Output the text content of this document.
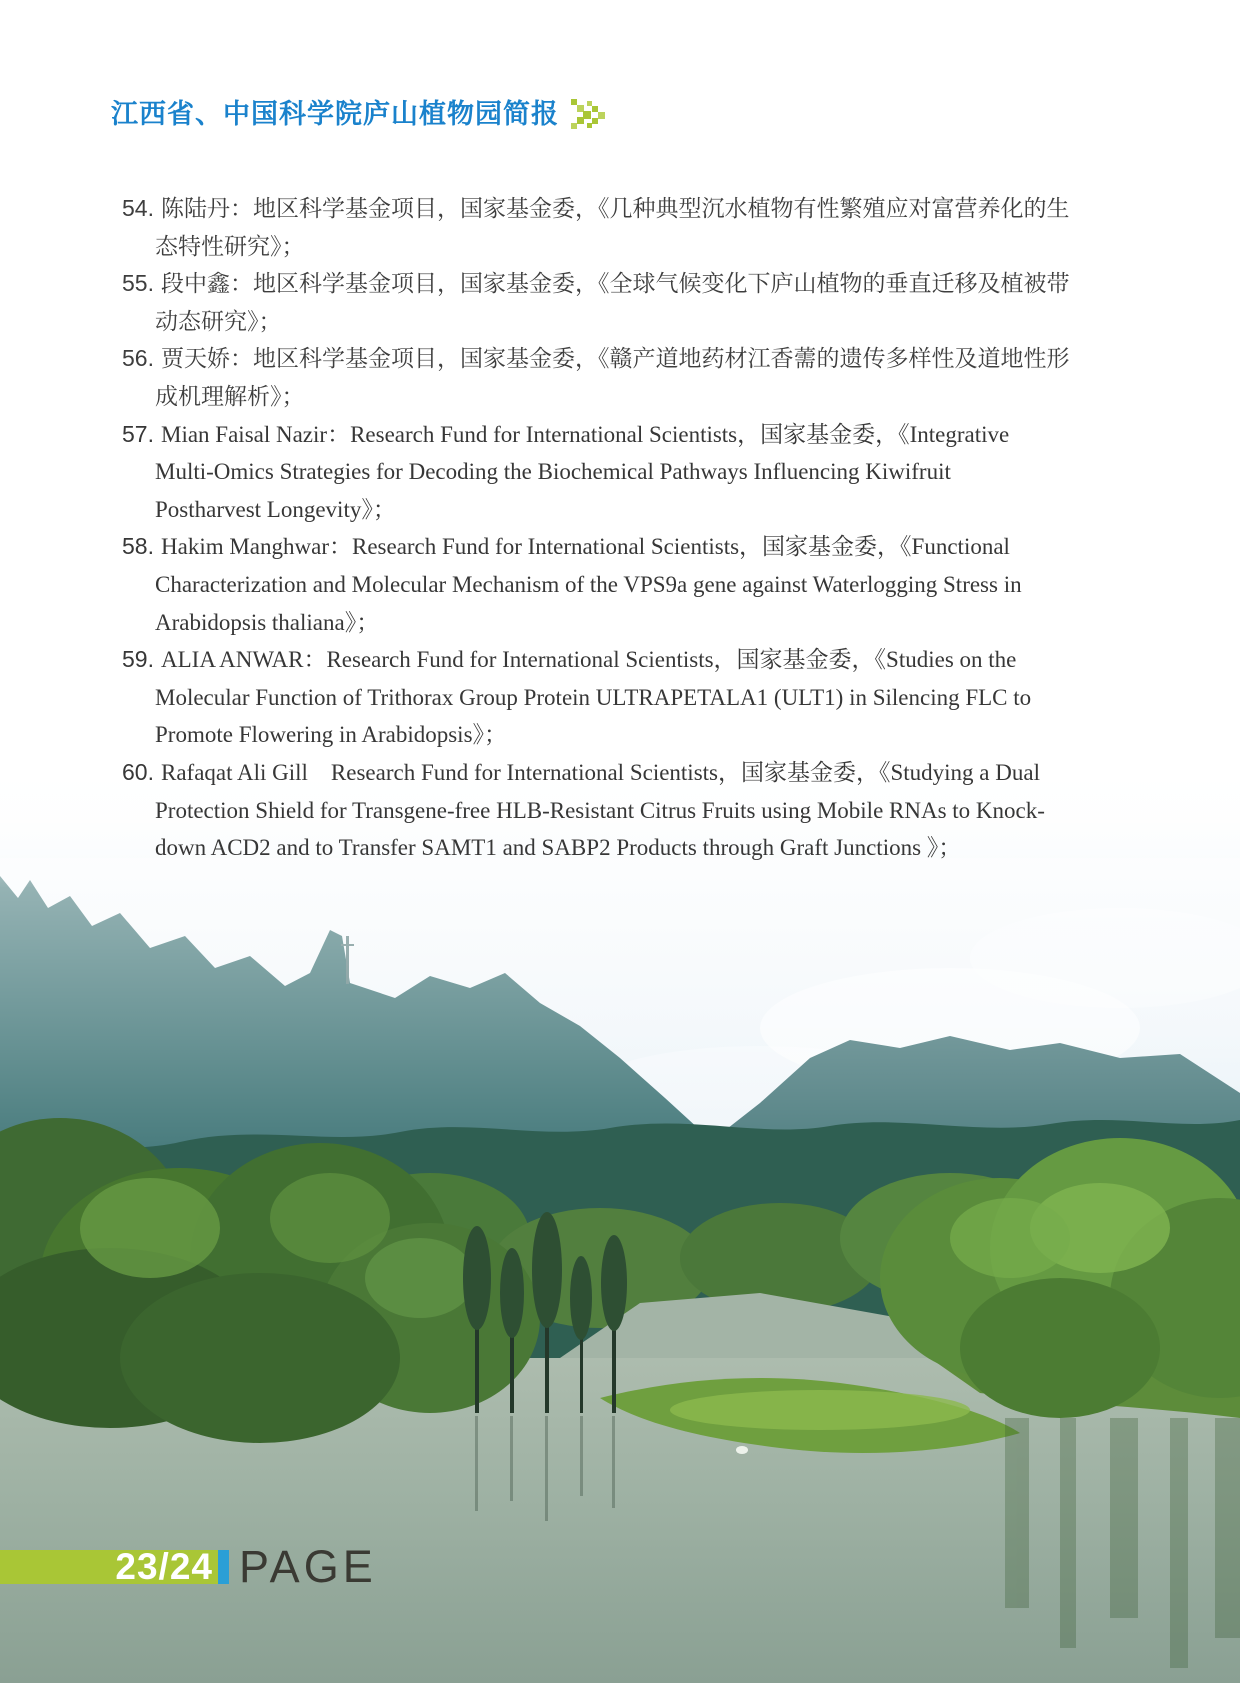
江西省、中国科学院庐山植物园简报
54. 陈陆丹：地区科学基金项目，国家基金委，《几种典型沉水植物有性繁殖应对富营养化的生
态特性研究》；
55. 段中鑫：地区科学基金项目，国家基金委，《全球气候变化下庐山植物的垂直迁移及植被带
动态研究》；
56. 贾天娇：地区科学基金项目，国家基金委，《赣产道地药材江香薷的遗传多样性及道地性形
成机理解析》；
57. Mian Faisal Nazir：Research Fund for International Scientists，国家基金委，《Integrative
Multi-Omics Strategies for Decoding the Biochemical Pathways Influencing Kiwifruit
Postharvest Longevity》；
58. Hakim Manghwar：Research Fund for International Scientists，国家基金委，《Functional
Characterization and Molecular Mechanism of the VPS9a gene against Waterlogging Stress in
Arabidopsis thaliana》；
59. ALIA ANWAR：Research Fund for International Scientists，国家基金委，《Studies on the
Molecular Function of Trithorax Group Protein ULTRAPETALA1 (ULT1) in Silencing FLC to
Promote Flowering in Arabidopsis》；
60. Rafaqat Ali Gill　Research Fund for International Scientists，国家基金委，《Studying a Dual
Protection Shield for Transgene-free HLB-Resistant Citrus Fruits using Mobile RNAs to Knock-
down ACD2 and to Transfer SAMT1 and SABP2 Products through Graft Junctions 》；
23/24 PAGE
